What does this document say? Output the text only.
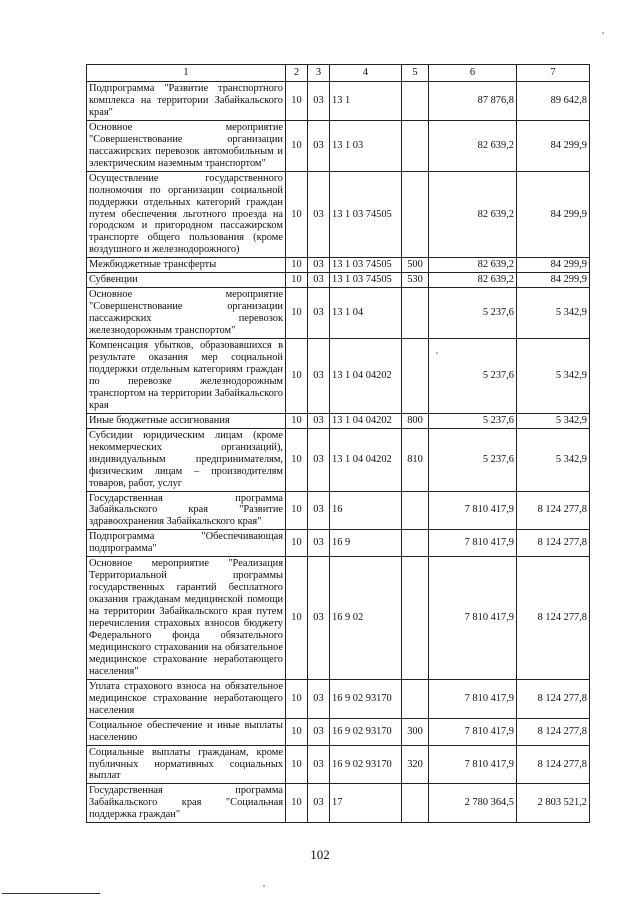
1	2	3	4	5	6	7
Подпрограмма "Развитие транспортного комплекса на территории Забайкальского края"	10	03	13 1		87 876,8	89 642,8
Основное мероприятие "Совершенствование организации пассажирских перевозок автомобильным и электрическим наземным транспортом"	10	03	13 1 03		82 639,2	84 299,9
Осуществление государственного полномочия по организации социальной поддержки отдельных категорий граждан путем обеспечения льготного проезда на городском и пригородном пассажирском транспорте общего пользования (кроме воздушного и железнодорожного)	10	03	13 1 03 74505		82 639,2	84 299,9
Межбюджетные трансферты	10	03	13 1 03 74505	500	82 639,2	84 299,9
Субвенции	10	03	13 1 03 74505	530	82 639,2	84 299,9
Основное мероприятие "Совершенствование организации пассажирских перевозок железнодорожным транспортом"	10	03	13 1 04		5 237,6	5 342,9
Компенсация убытков, образовавшихся в результате оказания мер социальной поддержки отдельным категориям граждан по перевозке железнодорожным транспортом на территории Забайкальского края	10	03	13 1 04 04202		5 237,6	5 342,9
Иные бюджетные ассигнования	10	03	13 1 04 04202	800	5 237,6	5 342,9
Субсидии юридическим лицам (кроме некоммерческих организаций), индивидуальным предпринимателям, физическим лицам – производителям товаров, работ, услуг	10	03	13 1 04 04202	810	5 237,6	5 342,9
Государственная программа Забайкальского края "Развитие здравоохранения Забайкальского края"	10	03	16		7 810 417,9	8 124 277,8
Подпрограмма "Обеспечивающая подпрограмма"	10	03	16 9		7 810 417,9	8 124 277,8
Основное мероприятие "Реализация Территориальной программы государственных гарантий бесплатного оказания гражданам медицинской помощи на территории Забайкальского края путем перечисления страховых взносов бюджету Федерального фонда обязательного медицинского страхования на обязательное медицинское страхование неработающего населения"	10	03	16 9 02		7 810 417,9	8 124 277,8
Уплата страхового взноса на обязательное медицинское страхование неработающего населения	10	03	16 9 02 93170		7 810 417,9	8 124 277,8
Социальное обеспечение и иные выплаты населению	10	03	16 9 02 93170	300	7 810 417,9	8 124 277,8
Социальные выплаты гражданам, кроме публичных нормативных социальных выплат	10	03	16 9 02 93170	320	7 810 417,9	8 124 277,8
Государственная программа Забайкальского края "Социальная поддержка граждан"	10	03	17		2 780 364,5	2 803 521,2
102
